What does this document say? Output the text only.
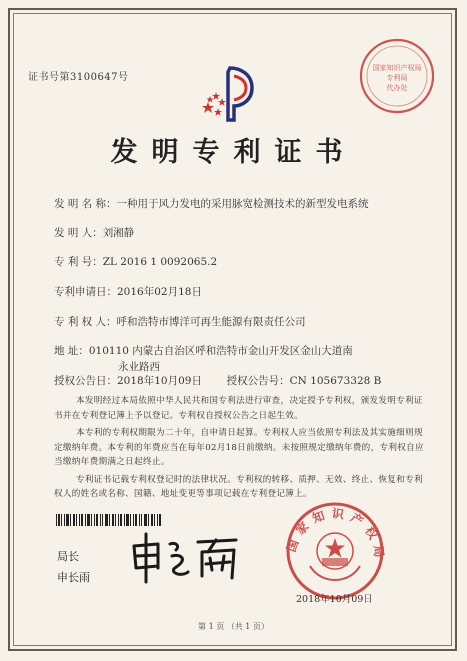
证书号第3100647号
国家知识产权局
专利局
代办处
发明专利证书
发 明 名 称：一种用于风力发电的采用脉宽检测技术的新型发电系统
发 明 人：刘湘静
专 利 号：ZL 2016 1 0092065.2
专利申请日：2016年02月18日
专 利 权 人：呼和浩特市博洋可再生能源有限责任公司
地 址：010110 内蒙古自治区呼和浩特市金山开发区金山大道南
永业路西
授权公告日：2018年10月09日 授权公告号：CN 105673328 B

本发明经过本局依照中华人民共和国专利法进行审查，决定授予专利权，颁发发明专利证书并在专利登记簿上予以登记。专利权自授权公告之日起生效。

本专利的专利权期限为二十年，自申请日起算。专利权人应当依照专利法及其实施细则规定缴纳年费。本专利的年费应当在每年02月18日前缴纳。未按照规定缴纳年费的，专利权自应当缴纳年费期满之日起终止。

专利证书记载专利权登记时的法律状况。专利权的转移、质押、无效、终止、恢复和专利权人的姓名或名称、国籍、地址变更等事项记载在专利登记簿上。

局长
申长雨
国家知识产权局
2018年10月09日
第 1 页 （共 1 页）
